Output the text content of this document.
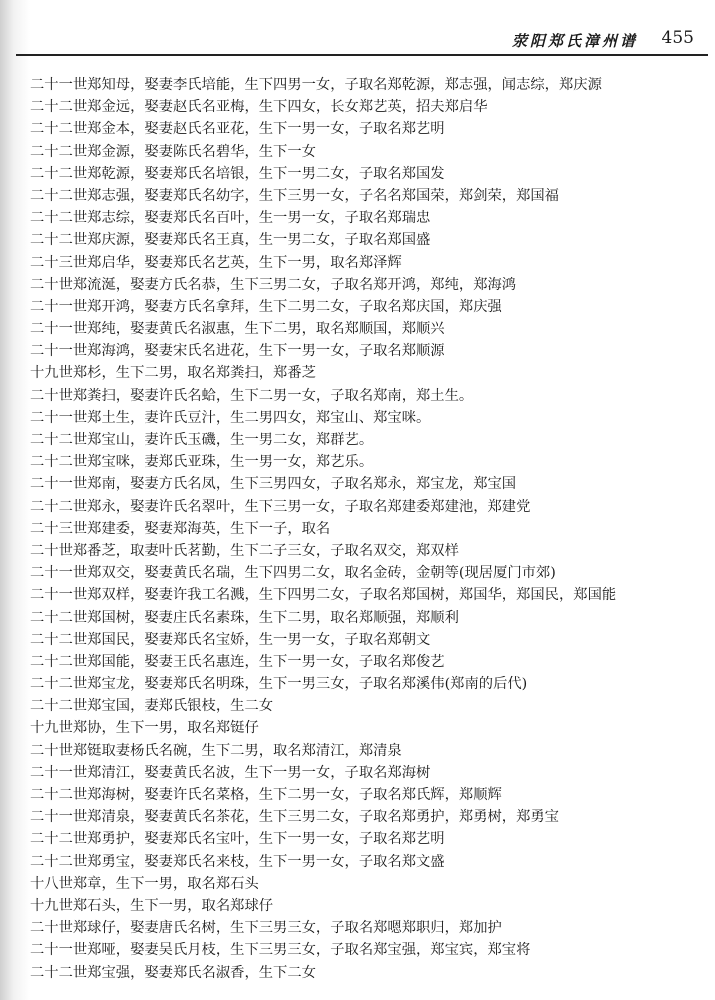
荥阳郑氏漳州谱 455
二十一世郑知母，娶妻李氏培能，生下四男一女，子取名郑乾源，郑志强，闻志综，郑庆源
二十二世郑金远，娶妻赵氏名亚梅，生下四女，长女郑艺英，招夫郑启华
二十二世郑金本，娶妻赵氏名亚花，生下一男一女，子取名郑艺明
二十二世郑金源，娶妻陈氏名碧华，生下一女
二十二世郑乾源，娶妻郑氏名培银，生下一男二女，子取名郑国发
二十二世郑志强，娶妻郑氏名幼字，生下三男一女，子名名郑国荣，郑剑荣，郑国福
二十二世郑志综，娶妻郑氏名百叶，生一男一女，子取名郑瑞忠
二十二世郑庆源，娶妻郑氏名王真，生一男二女，子取名郑国盛
二十三世郑启华，娶妻郑氏名艺英，生下一男，取名郑泽辉
二十世郑流涎，娶妻方氏名恭，生下三男二女，子取名郑开鸿，郑纯，郑海鸿
二十一世郑开鸿，娶妻方氏名拿拜，生下二男二女，子取名郑庆国，郑庆强
二十一世郑纯，娶妻黄氏名淑惠，生下二男，取名郑顺国，郑顺兴
二十一世郑海鸿，娶妻宋氏名进花，生下一男一女，子取名郑顺源
十九世郑杉，生下二男，取名郑粪扫，郑番芝
二十世郑粪扫，娶妻许氏名蛤，生下二男一女，子取名郑南，郑土生。
二十一世郑土生，妻许氏豆汁，生二男四女，郑宝山、郑宝咪。
二十二世郑宝山，妻许氏玉磯，生一男二女，郑群艺。
二十二世郑宝咪，妻郑氏亚珠，生一男一女，郑艺乐。
二十一世郑南，娶妻方氏名凤，生下三男四女，子取名郑永，郑宝龙，郑宝国
二十二世郑永，娶妻许氏名翠叶，生下三男一女，子取名郑建委郑建池，郑建党
二十三世郑建委，娶妻郑海英，生下一子，取名
二十世郑番芝，取妻叶氏茗勤，生下二子三女，子取名双交，郑双样
二十一世郑双交，娶妻黄氏名瑞，生下四男二女，取名金砖，金朝等(现居厦门市郊)
二十一世郑双样，娶妻许我工名溅，生下四男二女，子取名郑国树，郑国华，郑国民，郑国能
二十二世郑国树，娶妻庄氏名素珠，生下二男，取名郑顺强，郑顺利
二十二世郑国民，娶妻郑氏名宝娇，生一男一女，子取名郑朝文
二十二世郑国能，娶妻王氏名惠连，生下一男一女，子取名郑俊艺
二十二世郑宝龙，娶妻郑氏名明珠，生下一男三女，子取名郑溪伟(郑南的后代)
二十二世郑宝国，妻郑氏银枝，生二女
十九世郑协，生下一男，取名郑铤仔
二十世郑铤取妻杨氏名碗，生下二男，取名郑清江，郑清泉
二十一世郑清江，娶妻黄氏名波，生下一男一女，子取名郑海树
二十二世郑海树，娶妻许氏名菜格，生下二男一女，子取名郑氏辉，郑顺辉
二十一世郑清泉，娶妻黄氏名茶花，生下三男二女，子取名郑勇护，郑勇树，郑勇宝
二十二世郑勇护，娶妻郑氏名宝叶，生下一男一女，子取名郑艺明
二十二世郑勇宝，娶妻郑氏名来枝，生下一男一女，子取名郑文盛
十八世郑章，生下一男，取名郑石头
十九世郑石头，生下一男，取名郑球仔
二十世郑球仔，娶妻唐氏名树，生下三男三女，子取名郑嗯郑职归，郑加护
二十一世郑哑，娶妻吴氏月枝，生下三男三女，子取名郑宝强，郑宝宾，郑宝将
二十二世郑宝强，娶妻郑氏名淑香，生下二女
